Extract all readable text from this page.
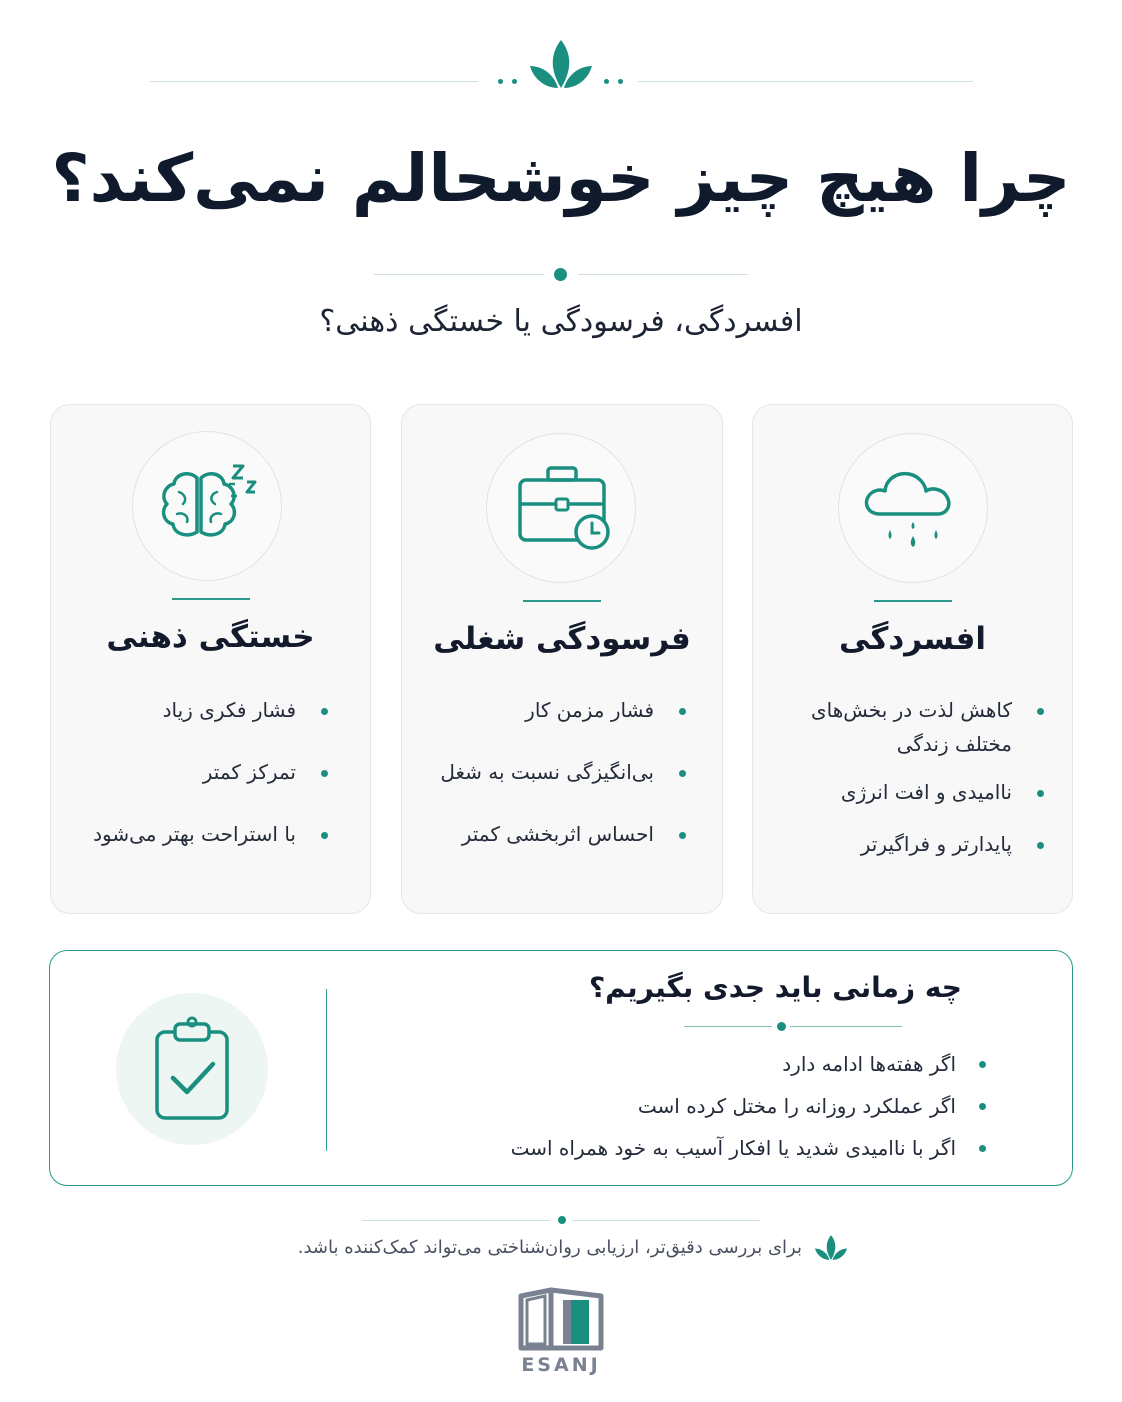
چرا هیچ چیز خوشحالم نمی‌کند؟
افسردگی، فرسودگی یا خستگی ذهنی؟
افسردگی
کاهش لذت در بخش‌های مختلف زندگی
ناامیدی و افت انرژی
پایدارتر و فراگیرتر
فرسودگی شغلی
فشار مزمن کار
بی‌انگیزگی نسبت به شغل
احساس اثربخشی کمتر
خستگی ذهنی
فشار فکری زیاد
تمرکز کمتر
با استراحت بهتر می‌شود
چه زمانی باید جدی بگیریم؟
اگر هفته‌ها ادامه دارد
اگر عملکرد روزانه را مختل کرده است
اگر با ناامیدی شدید یا افکار آسیب به خود همراه است
برای بررسی دقیق‌تر، ارزیابی روان‌شناختی می‌تواند کمک‌کننده باشد.
ESANJ
